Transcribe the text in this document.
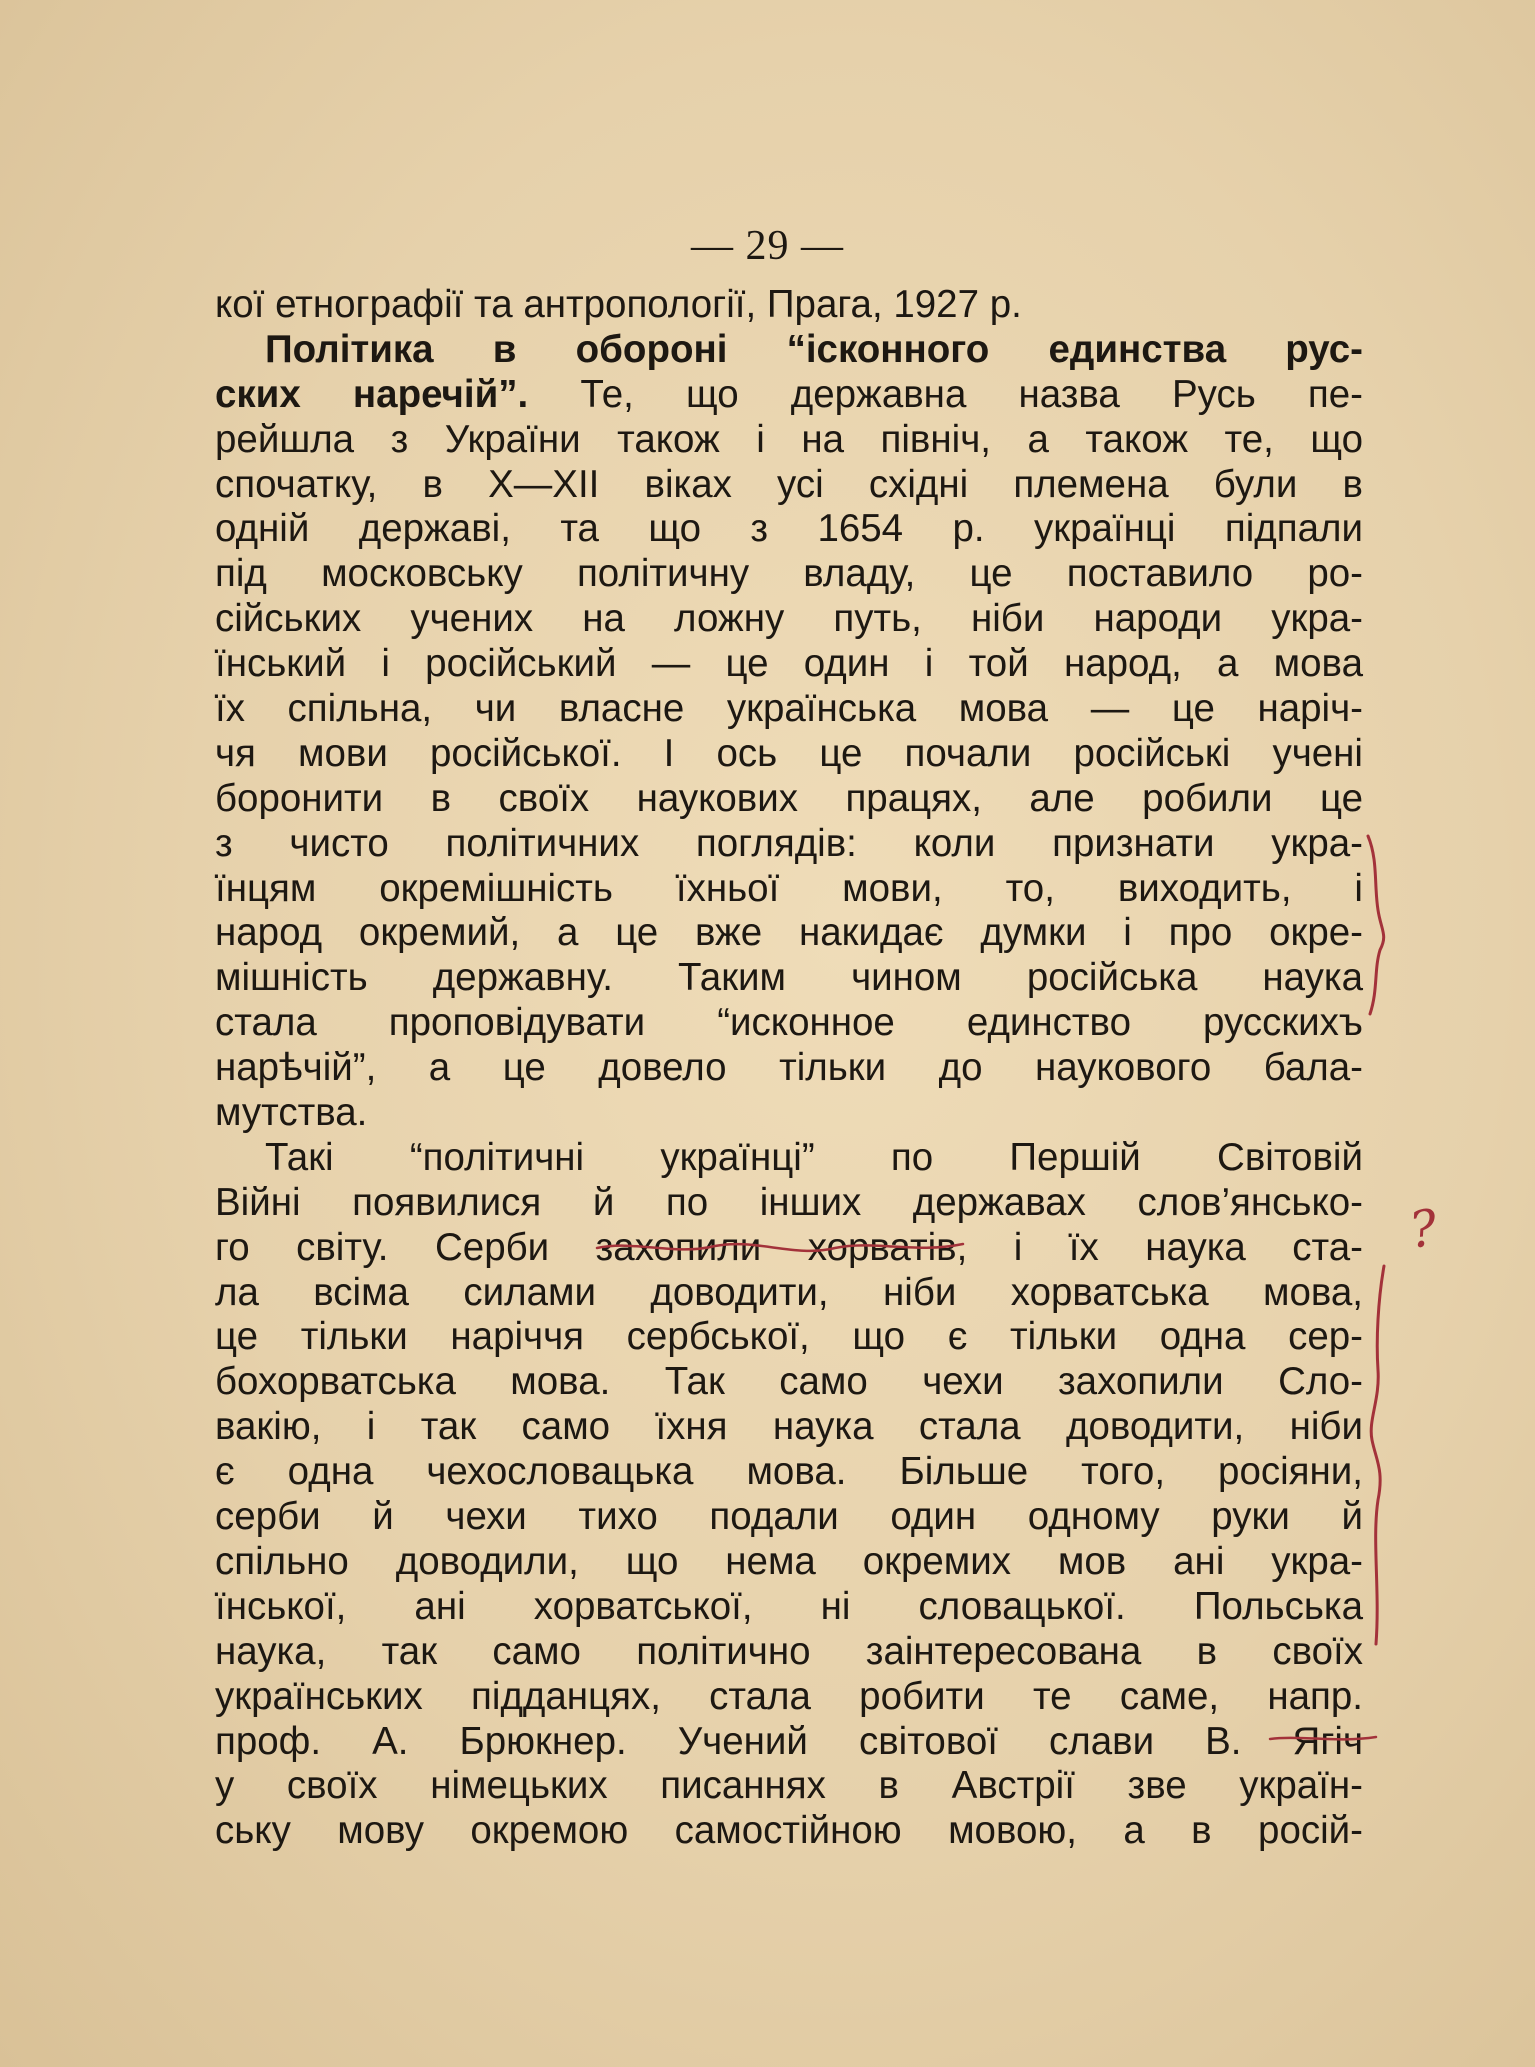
— 29 —
кої етнографії та антропології, Прага, 1927 р.
Політика в обороні “ісконного единства рус-
ских наречій”. Те, що державна назва Русь пе-
рейшла з України також і на північ, а також те, що
спочатку, в X—XII віках усі східні племена були в
одній державі, та що з 1654 р. українці підпали
під московську політичну владу, це поставило ро-
сійських учених на ложну путь, ніби народи укра-
їнський і російський — це один і той народ, а мова
їх спільна, чи власне українська мова — це наріч-
чя мови російської. І ось це почали російські учені
боронити в своїх наукових працях, але робили це
з чисто політичних поглядів: коли признати укра-
їнцям окремішність їхньої мови, то, виходить, і
народ окремий, а це вже накидає думки і про окре-
мішність державну. Таким чином російська наука
стала проповідувати “исконное единство русскихъ
нарѣчій”, а це довело тільки до наукового бала-
мутства.
Такі “політичні українці” по Першій Світовій
Війні появилися й по інших державах слов’янсько-
го світу. Серби захопили хорватів, і їх наука ста-
ла всіма силами доводити, ніби хорватська мова,
це тільки наріччя сербської, що є тільки одна сер-
бохорватська мова. Так само чехи захопили Сло-
вакію, і так само їхня наука стала доводити, ніби
є одна чехословацька мова. Більше того, росіяни,
серби й чехи тихо подали один одному руки й
спільно доводили, що нема окремих мов ані укра-
їнської, ані хорватської, ні словацької. Польська
наука, так само політично заінтересована в своїх
українських підданцях, стала робити те саме, напр.
проф. А. Брюкнер. Учений світової слави В. Ягіч
у своїх німецьких писаннях в Австрії зве україн-
ську мову окремою самостійною мовою, а в росій-
?
